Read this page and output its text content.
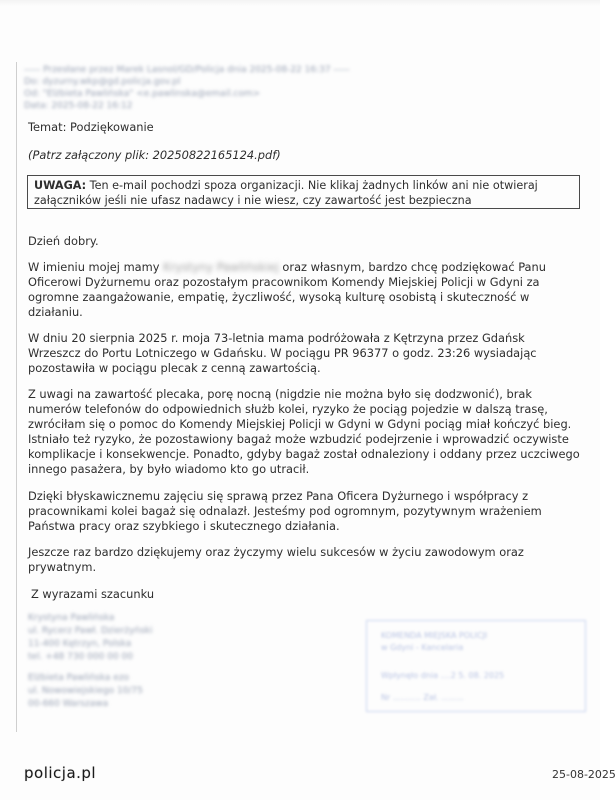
----- Przesłane przez Marek Lasnol/GD/Policja dnia 2025-08-22 16:37 -----
Do: dyzurny.wkp@gd.policja.gov.pl
Od: "Elżbieta Pawlińska" <e.pawlinska@email.com>
Data: 2025-08-22 16:12
Temat: Podziękowanie
(Patrz załączony plik: 20250822165124.pdf)
UWAGA: Ten e-mail pochodzi spoza organizacji. Nie klikaj żadnych linków ani nie otwieraj załączników jeśli nie ufasz nadawcy i nie wiesz, czy zawartość jest bezpieczna
Dzień dobry.
W imieniu mojej mamy Krystyny Pawlińskiej oraz własnym, bardzo chcę podziękować Panu Oficerowi Dyżurnemu oraz pozostałym pracownikom Komendy Miejskiej Policji w Gdyni za ogromne zaangażowanie, empatię, życzliwość, wysoką kulturę osobistą i skuteczność w działaniu.
W dniu 20 sierpnia 2025 r. moja 73-letnia mama podróżowała z Kętrzyna przez Gdańsk Wrzeszcz do Portu Lotniczego w Gdańsku. W pociągu PR 96377 o godz. 23:26 wysiadając pozostawiła w pociągu plecak z cenną zawartością.
Z uwagi na zawartość plecaka, porę nocną (nigdzie nie można było się dodzwonić), brak numerów telefonów do odpowiednich służb kolei, ryzyko że pociąg pojedzie w dalszą trasę, zwróciłam się o pomoc do Komendy Miejskiej Policji w Gdyni w Gdyni pociąg miał kończyć bieg. Istniało też ryzyko, że pozostawiony bagaż może wzbudzić podejrzenie i wprowadzić oczywiste komplikacje i konsekwencje. Ponadto, gdyby bagaż został odnaleziony i oddany przez uczciwego innego pasażera, by było wiadomo kto go utracił.
Dzięki błyskawicznemu zajęciu się sprawą przez Pana Oficera Dyżurnego i współpracy z pracownikami kolei bagaż się odnalazł. Jesteśmy pod ogromnym, pozytywnym wrażeniem Państwa pracy oraz szybkiego i skutecznego działania.
Jeszcze raz bardzo dziękujemy oraz życzymy wielu sukcesów w życiu zawodowym oraz prywatnym.
Z wyrazami szacunku
Krystyna Pawlińska
ul. Rycerz Pawł. Dzierżyński
11-400 Kętrzyn, Polska
tel. +48 730 000 00 00
Elżbieta Pawlińska ezo
ul. Nowowiejskiego 10/75
00-660 Warszawa
KOMENDA MIEJSKA POLICJI
w Gdyni - Kancelaria
Wpłynęło dnia ....2 5. 08. 2025
Nr ........... Zał. .........
policja.pl	25-08-2025
